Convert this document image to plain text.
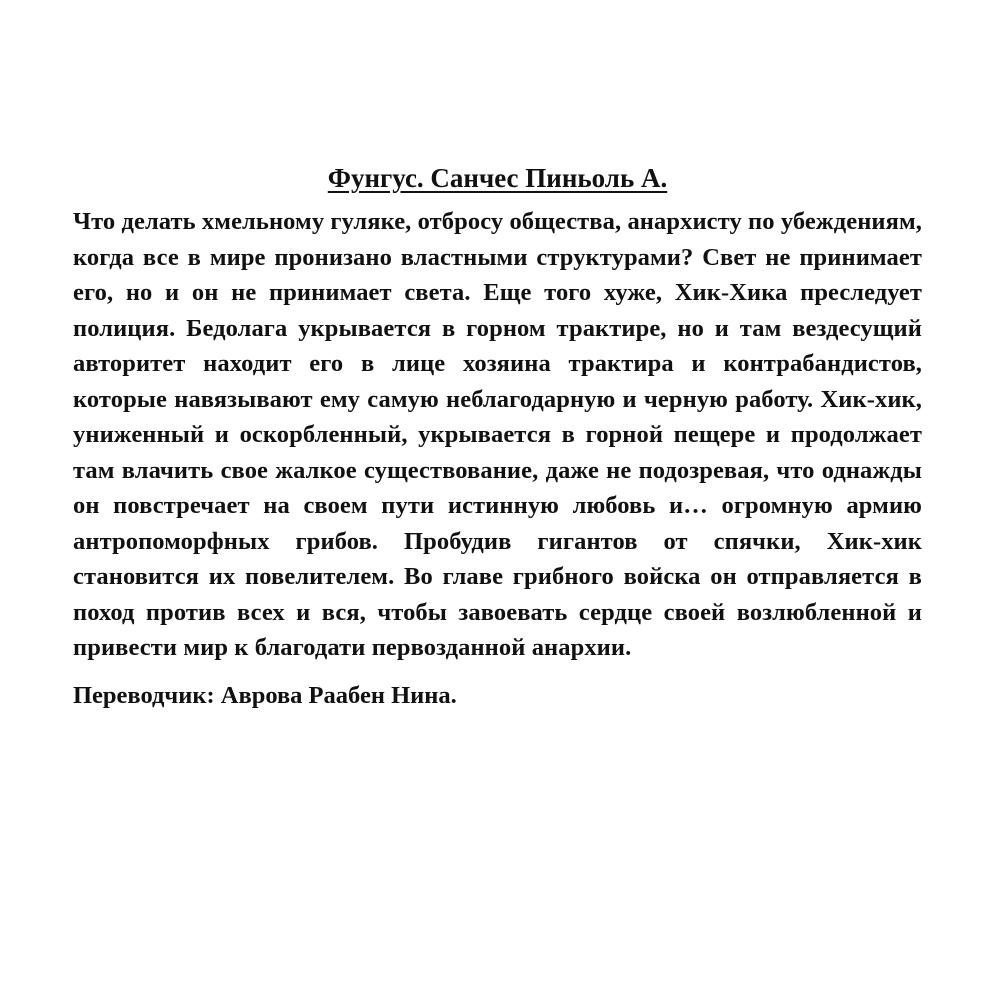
Фунгус. Санчес Пиньоль А.

Что делать хмельному гуляке, отбросу общества, анархисту по убеждениям, когда все в мире пронизано властными структурами? Свет не принимает его, но и он не принимает света. Еще того хуже, Хик-Хика преследует полиция. Бедолага укрывается в горном трактире, но и там вездесущий авторитет находит его в лице хозяина трактира и контрабандистов, которые навязывают ему самую неблагодарную и черную работу. Хик-хик, униженный и оскорбленный, укрывается в горной пещере и продолжает там влачить свое жалкое существование, даже не подозревая, что однажды он повстречает на своем пути истинную любовь и… огромную армию антропоморфных грибов. Пробудив гигантов от спячки, Хик-хик становится их повелителем. Во главе грибного войска он отправляется в поход против всех и вся, чтобы завоевать сердце своей возлюбленной и привести мир к благодати первозданной анархии.

Переводчик: Аврова Раабен Нина.
